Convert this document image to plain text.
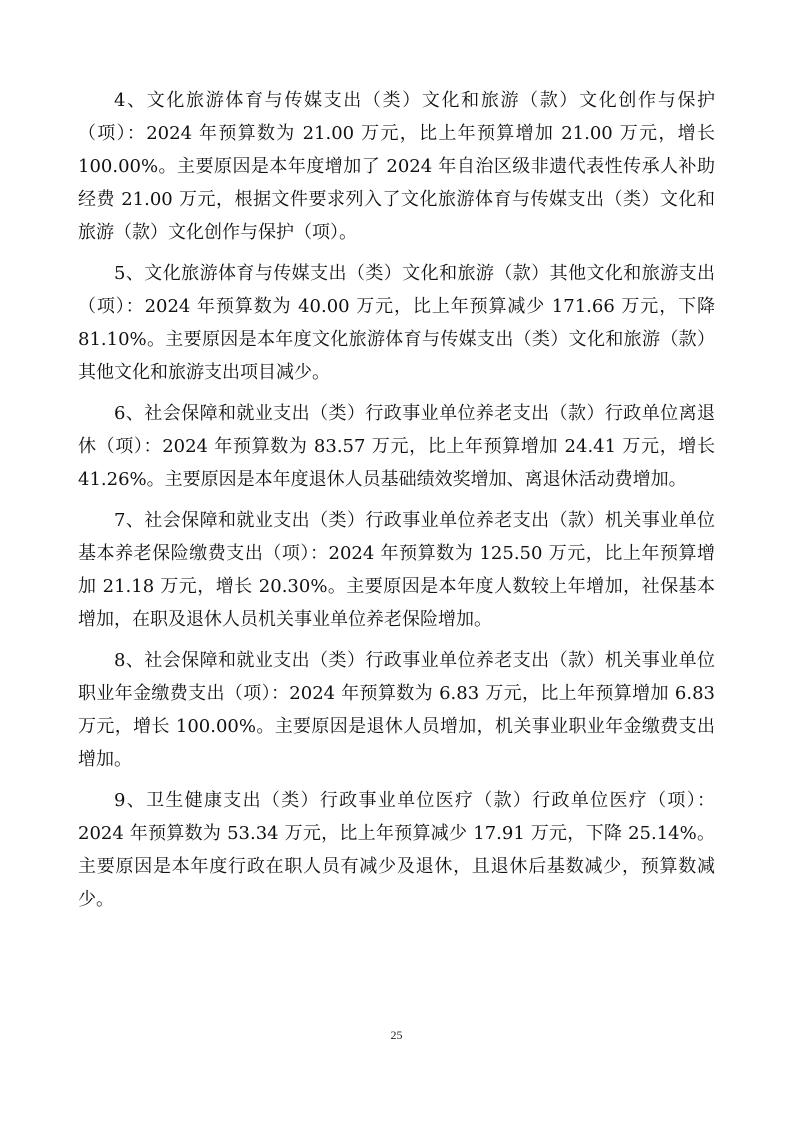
4、文化旅游体育与传媒支出（类）文化和旅游（款）文化创作与保护（项）：2024 年预算数为 21.00 万元，比上年预算增加 21.00 万元，增长 100.00%。主要原因是本年度增加了 2024 年自治区级非遗代表性传承人补助经费 21.00 万元，根据文件要求列入了文化旅游体育与传媒支出（类）文化和旅游（款）文化创作与保护（项）。

5、文化旅游体育与传媒支出（类）文化和旅游（款）其他文化和旅游支出（项）：2024 年预算数为 40.00 万元，比上年预算减少 171.66 万元，下降 81.10%。主要原因是本年度文化旅游体育与传媒支出（类）文化和旅游（款）其他文化和旅游支出项目减少。

6、社会保障和就业支出（类）行政事业单位养老支出（款）行政单位离退休（项）：2024 年预算数为 83.57 万元，比上年预算增加 24.41 万元，增长 41.26%。主要原因是本年度退休人员基础绩效奖增加、离退休活动费增加。

7、社会保障和就业支出（类）行政事业单位养老支出（款）机关事业单位基本养老保险缴费支出（项）：2024 年预算数为 125.50 万元，比上年预算增加 21.18 万元，增长 20.30%。主要原因是本年度人数较上年增加，社保基本增加，在职及退休人员机关事业单位养老保险增加。

8、社会保障和就业支出（类）行政事业单位养老支出（款）机关事业单位职业年金缴费支出（项）：2024 年预算数为 6.83 万元，比上年预算增加 6.83 万元，增长 100.00%。主要原因是退休人员增加，机关事业职业年金缴费支出增加。

9、卫生健康支出（类）行政事业单位医疗（款）行政单位医疗（项）：2024 年预算数为 53.34 万元，比上年预算减少 17.91 万元，下降 25.14%。主要原因是本年度行政在职人员有减少及退休，且退休后基数减少，预算数减少。

25
